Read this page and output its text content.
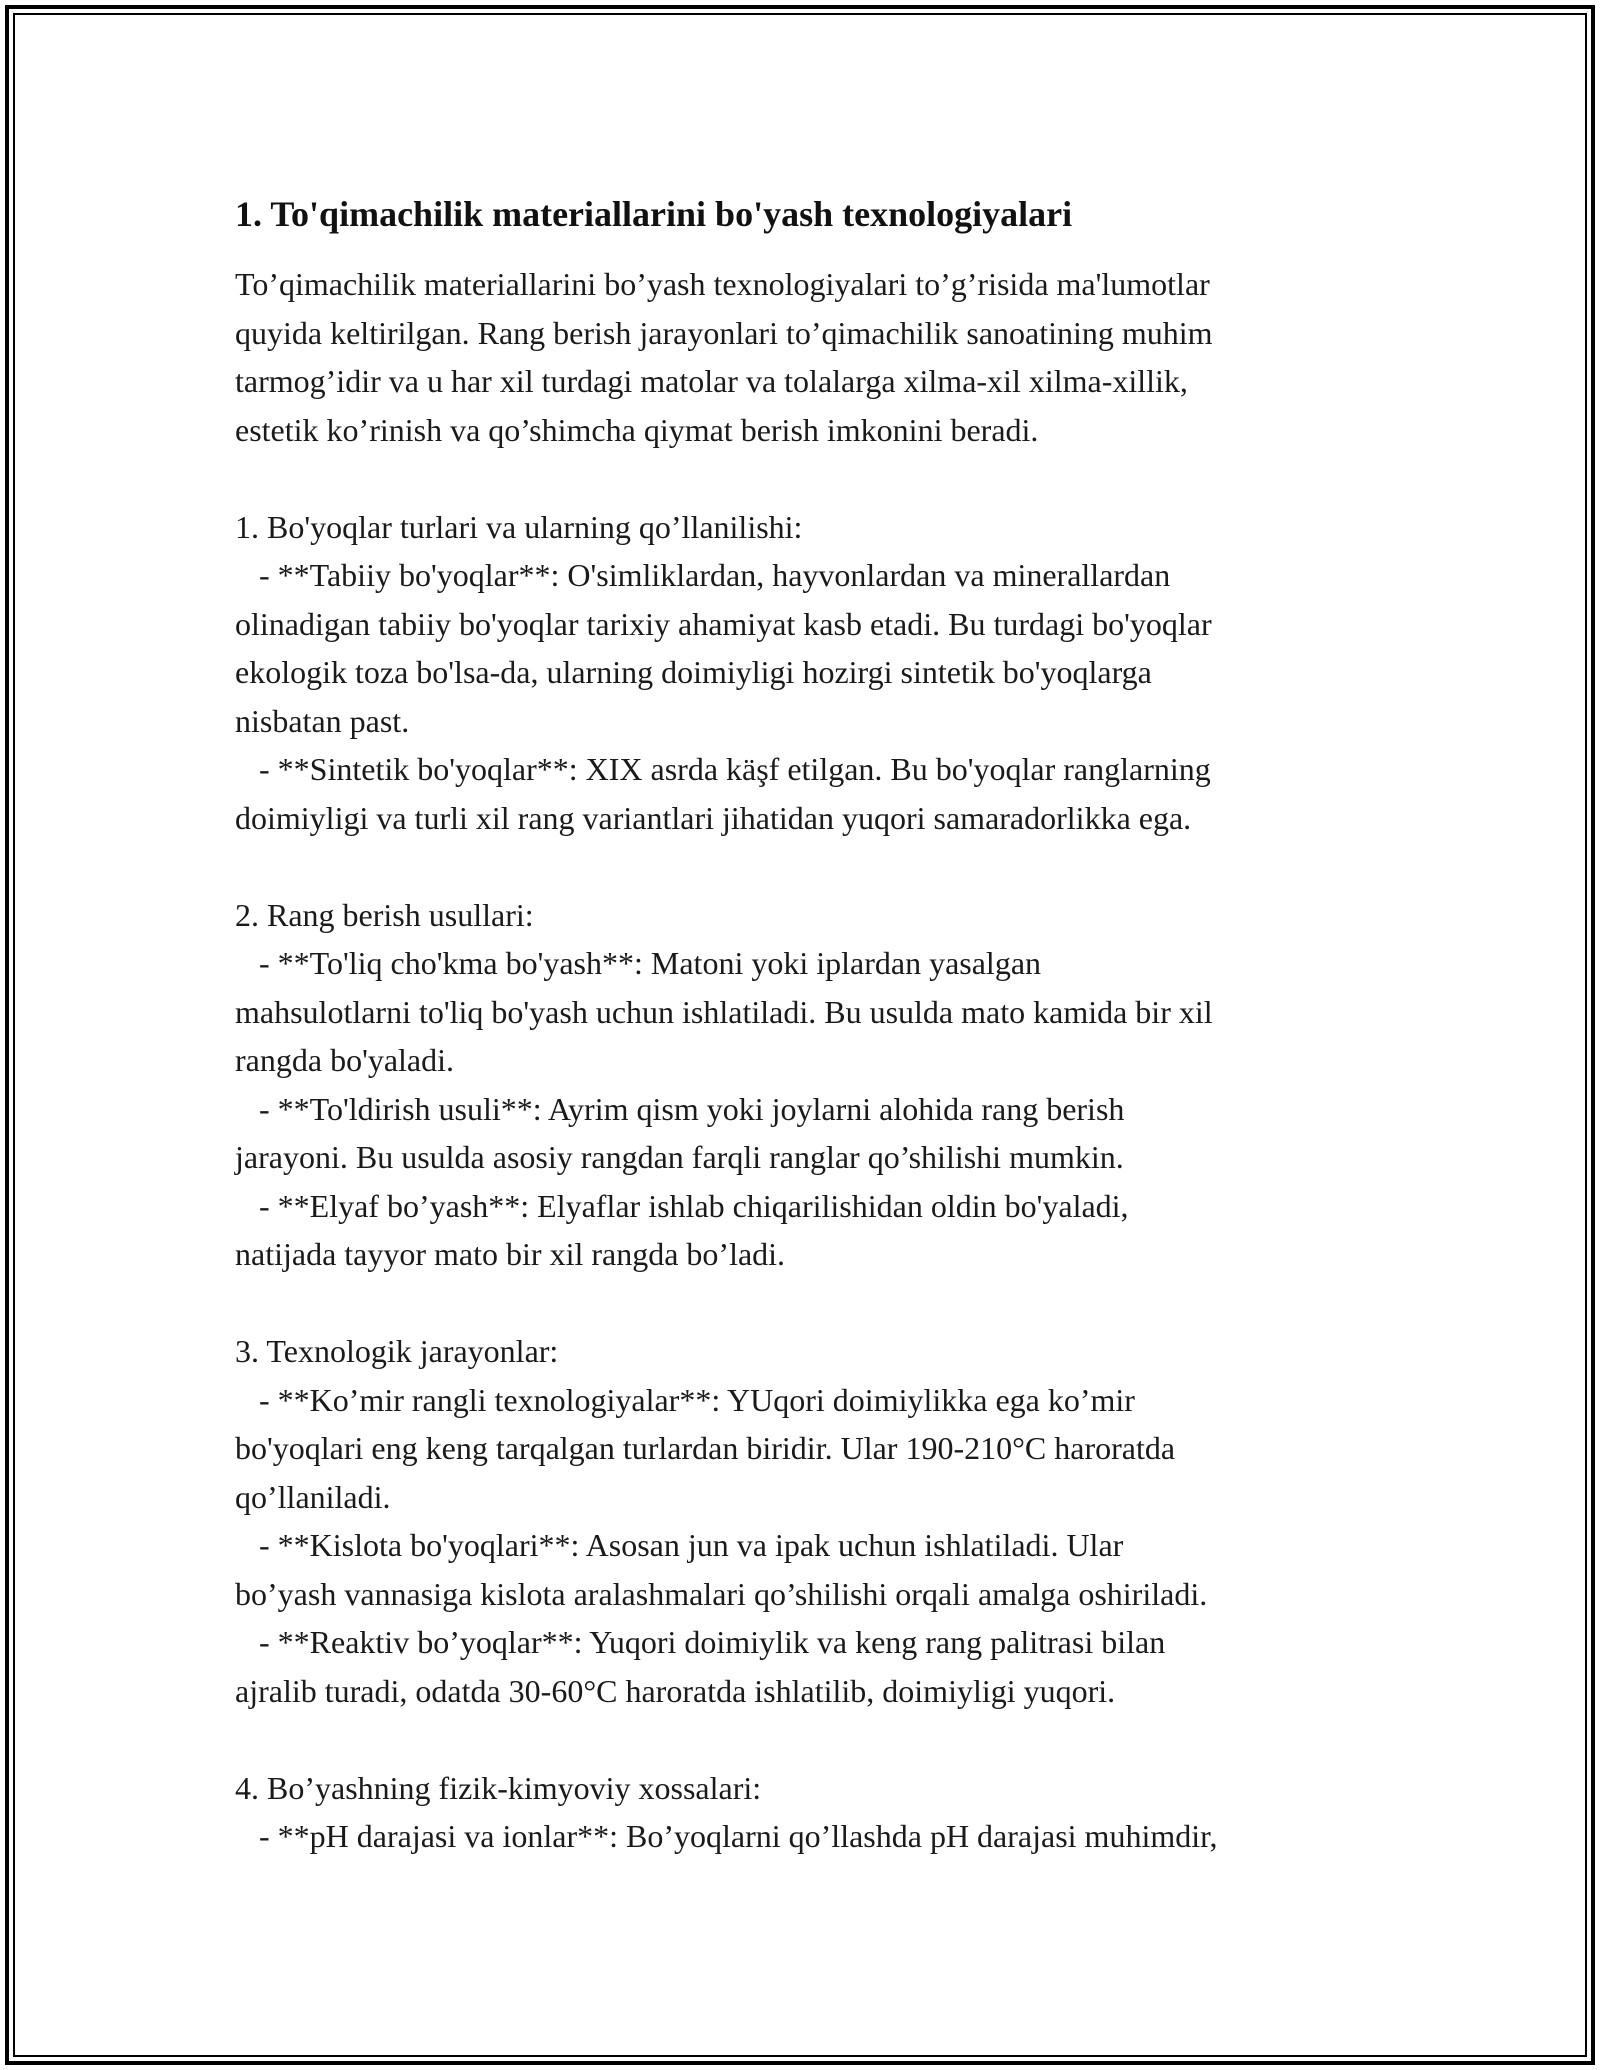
1. To'qimachilik materiallarini bo'yash texnologiyalari

To’qimachilik materiallarini bo’yash texnologiyalari to’g’risida ma'lumotlar
quyida keltirilgan. Rang berish jarayonlari to’qimachilik sanoatining muhim
tarmog’idir va u har xil turdagi matolar va tolalarga xilma-xil xilma-xillik,
estetik ko’rinish va qo’shimcha qiymat berish imkonini beradi.

1. Bo'yoqlar turlari va ularning qo’llanilishi:
- **Tabiiy bo'yoqlar**: O'simliklardan, hayvonlardan va minerallardan
olinadigan tabiiy bo'yoqlar tarixiy ahamiyat kasb etadi. Bu turdagi bo'yoqlar
ekologik toza bo'lsa-da, ularning doimiyligi hozirgi sintetik bo'yoqlarga
nisbatan past.
- **Sintetik bo'yoqlar**: XIX asrda käşf etilgan. Bu bo'yoqlar ranglarning
doimiyligi va turli xil rang variantlari jihatidan yuqori samaradorlikka ega.
2. Rang berish usullari:
- **To'liq cho'kma bo'yash**: Matoni yoki iplardan yasalgan
mahsulotlarni to'liq bo'yash uchun ishlatiladi. Bu usulda mato kamida bir xil
rangda bo'yaladi.
- **To'ldirish usuli**: Ayrim qism yoki joylarni alohida rang berish
jarayoni. Bu usulda asosiy rangdan farqli ranglar qo’shilishi mumkin.
- **Elyaf bo’yash**: Elyaflar ishlab chiqarilishidan oldin bo'yaladi,
natijada tayyor mato bir xil rangda bo’ladi.
3. Texnologik jarayonlar:
- **Ko’mir rangli texnologiyalar**: YUqori doimiylikka ega ko’mir
bo'yoqlari eng keng tarqalgan turlardan biridir. Ular 190-210°C haroratda
qo’llaniladi.
- **Kislota bo'yoqlari**: Asosan jun va ipak uchun ishlatiladi. Ular
bo’yash vannasiga kislota aralashmalari qo’shilishi orqali amalga oshiriladi.
- **Reaktiv bo’yoqlar**: Yuqori doimiylik va keng rang palitrasi bilan
ajralib turadi, odatda 30-60°C haroratda ishlatilib, doimiyligi yuqori.
4. Bo’yashning fizik-kimyoviy xossalari:
- **pH darajasi va ionlar**: Bo’yoqlarni qo’llashda pH darajasi muhimdir,
